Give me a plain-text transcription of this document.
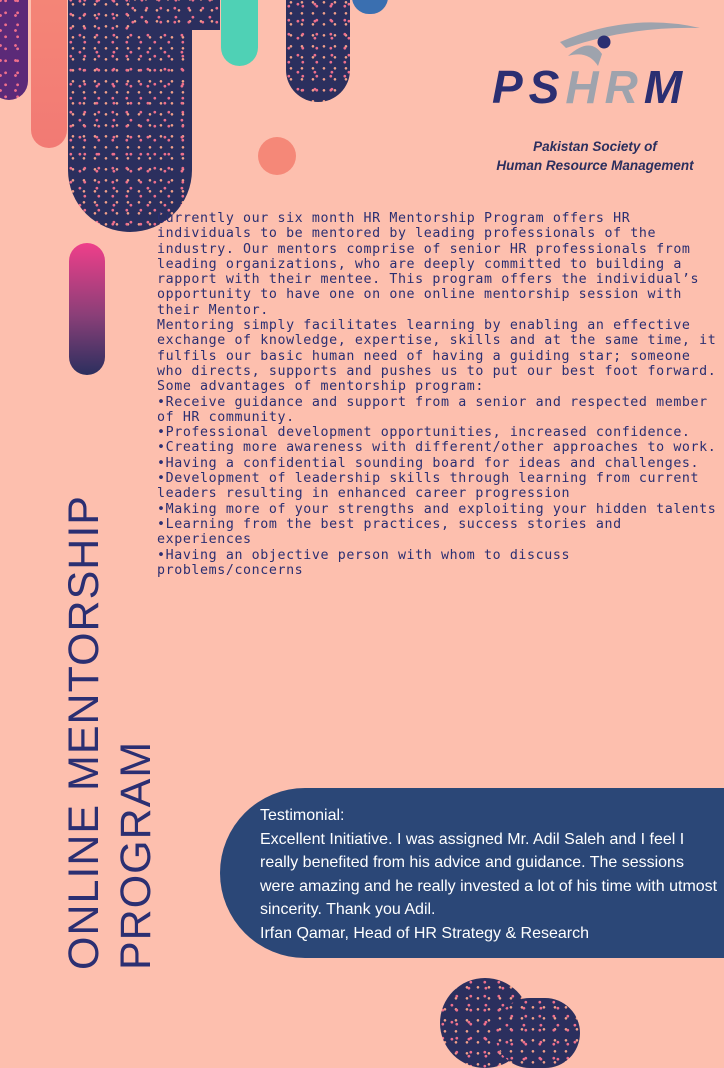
PSHRM
Pakistan Society of
Human Resource Management
ONLINE MENTORSHIP PROGRAM

Currently our six month HR Mentorship Program offers HR individuals to be mentored by leading professionals of the industry. Our mentors comprise of senior HR professionals from leading organizations, who are deeply committed to building a rapport with their mentee. This program offers the individual’s opportunity to have one on one online mentorship session with their Mentor.

Mentoring simply facilitates learning by enabling an effective exchange of knowledge, expertise, skills and at the same time, it fulfils our basic human need of having a guiding star; someone who directs, supports and pushes us to put our best foot forward.

Some advantages of mentorship program:

• Receive guidance and support from a senior and respected member of HR community.
• Professional development opportunities, increased confidence.
• Creating more awareness with different/other approaches to work.
• Having a confidential sounding board for ideas and challenges.
• Development of leadership skills through learning from current leaders resulting in enhanced career progression
• Making more of your strengths and exploiting your hidden talents
• Learning from the best practices, success stories and experiences
• Having an objective person with whom to discuss problems/concerns

Testimonial:

Excellent Initiative. I was assigned Mr. Adil Saleh and I feel I really benefited from his advice and guidance. The sessions were amazing and he really invested a lot of his time with utmost sincerity. Thank you Adil.

Irfan Qamar, Head of HR Strategy & Research
